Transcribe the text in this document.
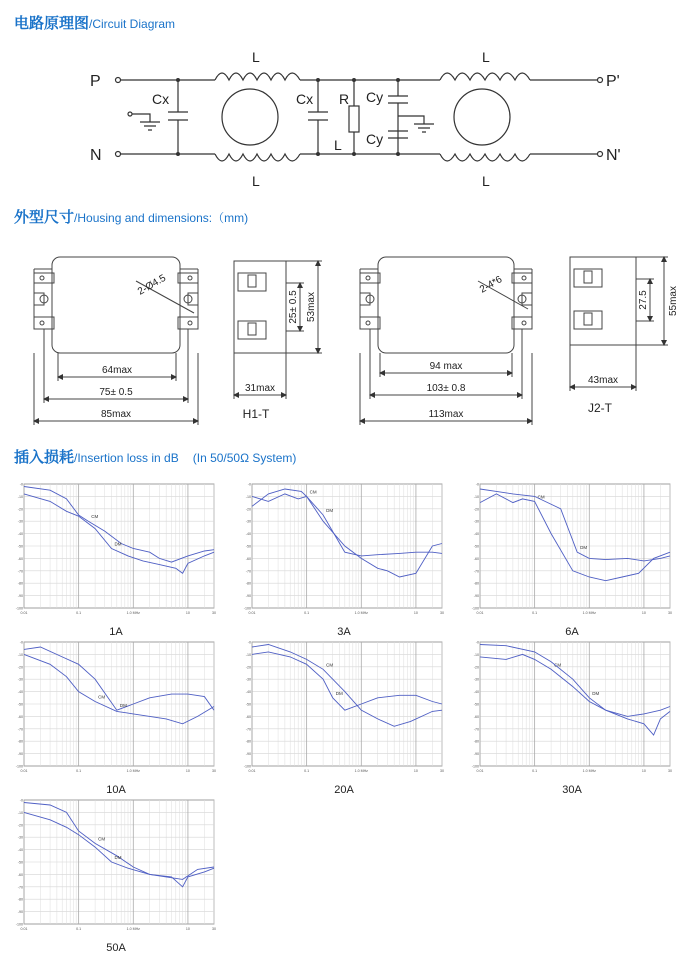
电路原理图/Circuit Diagram
P
N
P'
N'
L	L
L	L
Cx	Cx R
L
Cy
Cy
外型尺寸/Housing and dimensions:（mm)
2-Ø4.5
64max
75± 0.5
85max
25± 0.5 53max
31max
2-4*6
94 max
103± 0.8
113max
27.5 55max
43max
H1-T	J2-T
插入损耗/Insertion loss in dB (In 50/50Ω System)
-0
-10
-20
-30
-40
-50
-60
-70
-80
-90
-100
0.01	0.1	1.0 MHz	10	30
CM
DM
1A
-0
-10
-20
-30
-40
-50
-60
-70
-80
-90
-100
0.01	0.1	1.0 MHz	10	30
CM
DM
3A
-0
-10
-20
-30
-40
-50
-60
-70
-80
-90
-100
0.01	0.1	1.0 MHz	10	30
CM
DM
6A
-0
-10
-20
-30
-40
-50
-60
-70
-80
-90
-100
0.01	0.1	1.0 MHz	10	30
CM
DM
10A
-0
-10
-20
-30
-40
-50
-60
-70
-80
-90
-100
0.01	0.1	1.0 MHz	10	30
CM
DM
20A
-0
-10
-20
-30
-40
-50
-60
-70
-80
-90
-100
0.01	0.1	1.0 MHz	10	30
CM
DM
30A
-0
-10
-20
-30
-40
-50
-60
-70
-80
-90
-100
0.01	0.1	1.0 MHz	10	30
CM
DM
50A
